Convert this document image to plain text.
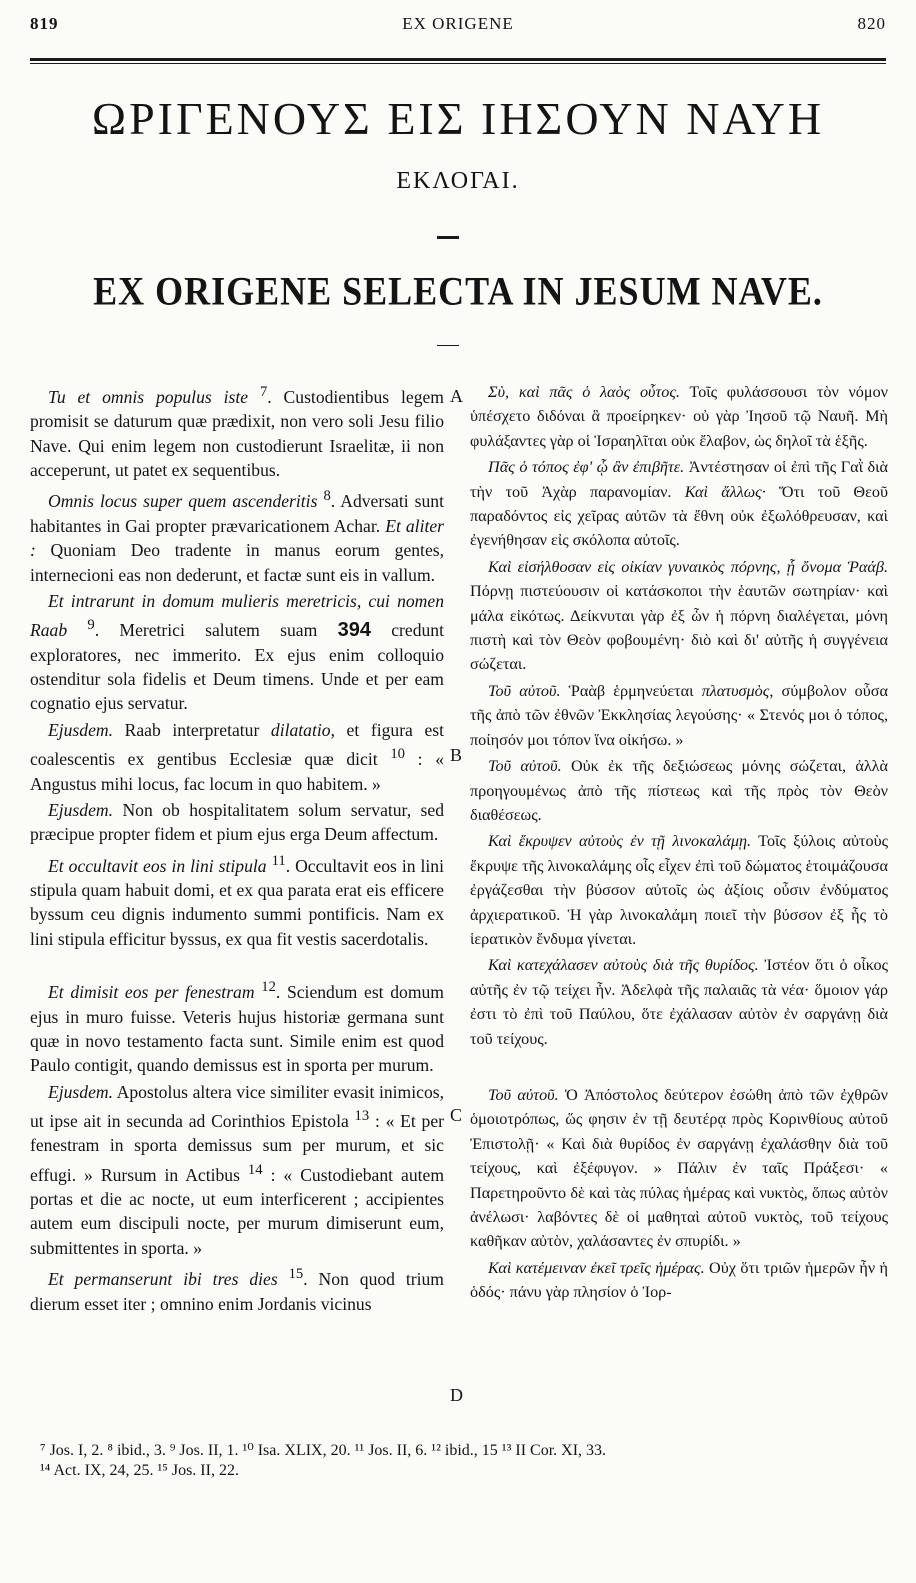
EX ORIGENE
819	820
ΩΡΙΓΕΝΟΥΣ ΕΙΣ ΙΗΣΟΥΝ ΝΑΥΗ
ΕΚΛΟΓΑΙ.
EX ORIGENE SELECTA IN JESUM NAVE.
A
B
C
D

Tu et omnis populus iste $^7$. Custodientibus legem promisit se daturum quæ prædixit, non vero soli Jesu filio Nave. Qui enim legem non custodierunt Israelitæ, ii non acceperunt, ut patet ex sequentibus.

Omnis locus super quem ascenderitis $^8$. Adversati sunt habitantes in Gai propter prævaricationem Achar. Et aliter : Quoniam Deo tradente in manus eorum gentes, internecioni eas non dederunt, et factæ sunt eis in vallum.

Et intrarunt in domum mulieris meretricis, cui nomen Raab $^9$. Meretrici salutem suam 394 credunt exploratores, nec immerito. Ex ejus enim colloquio ostenditur sola fidelis et Deum timens. Unde et per eam cognatio ejus servatur.

Ejusdem. Raab interpretatur dilatatio, et figura est coalescentis ex gentibus Ecclesiæ quæ dicit $^{10}$ : « Angustus mihi locus, fac locum in quo habitem. »

Ejusdem. Non ob hospitalitatem solum servatur, sed præcipue propter fidem et pium ejus erga Deum affectum.

Et occultavit eos in lini stipula $^{11}$. Occultavit eos in lini stipula quam habuit domi, et ex qua parata erat eis efficere byssum ceu dignis indumento summi pontificis. Nam ex lini stipula efficitur byssus, ex qua fit vestis sacerdotalis.

Et dimisit eos per fenestram $^{12}$. Sciendum est domum ejus in muro fuisse. Veteris hujus historiæ germana sunt quæ in novo testamento facta sunt. Simile enim est quod Paulo contigit, quando demissus est in sporta per murum.

Ejusdem. Apostolus altera vice similiter evasit inimicos, ut ipse ait in secunda ad Corinthios Epistola $^{13}$ : « Et per fenestram in sporta demissus sum per murum, et sic effugi. » Rursum in Actibus $^{14}$ : « Custodiebant autem portas et die ac nocte, ut eum interficerent ; accipientes autem eum discipuli nocte, per murum dimiserunt eum, submittentes in sporta. »

Et permanserunt ibi tres dies $^{15}$. Non quod trium dierum esset iter ; omnino enim Jordanis vicinus

Σὺ, καὶ πᾶς ὁ λαὸς οὗτος. Τοῖς φυλάσσουσι τὸν νόμον ὑπέσχετο διδόναι ἃ προείρηκεν· οὐ γὰρ Ἰησοῦ τῷ Ναυῆ. Μὴ φυλάξαντες γὰρ οἱ Ἰσραηλῖται οὐκ ἔλαβον, ὡς δηλοῖ τὰ ἑξῆς.

Πᾶς ὁ τόπος ἐφ' ᾧ ἂν ἐπιβῆτε. Ἀντέστησαν οἱ ἐπὶ τῆς Γαῒ διὰ τὴν τοῦ Ἀχὰρ παρανομίαν. Καὶ ἄλλως· Ὅτι τοῦ Θεοῦ παραδόντος εἰς χεῖρας αὐτῶν τὰ ἔθνη οὐκ ἐξωλόθρευσαν, καὶ ἐγενήθησαν εἰς σκόλοπα αὐτοῖς.

Καὶ εἰσήλθοσαν εἰς οἰκίαν γυναικὸς πόρνης, ᾗ ὄνομα Ῥαάβ. Πόρνῃ πιστεύουσιν οἱ κατάσκοποι τὴν ἑαυτῶν σωτηρίαν· καὶ μάλα εἰκότως. Δείκνυται γὰρ ἐξ ὧν ἡ πόρνη διαλέγεται, μόνη πιστὴ καὶ τὸν Θεὸν φοβουμένη· διὸ καὶ δι' αὐτῆς ἡ συγγένεια σώζεται.

Τοῦ αὐτοῦ. Ῥαὰβ ἑρμηνεύεται πλατυσμὸς, σύμβολον οὖσα τῆς ἀπὸ τῶν ἐθνῶν Ἐκκλησίας λεγούσης· « Στενός μοι ὁ τόπος, ποίησόν μοι τόπον ἵνα οἰκήσω. »

Τοῦ αὐτοῦ. Οὐκ ἐκ τῆς δεξιώσεως μόνης σώζεται, ἀλλὰ προηγουμένως ἀπὸ τῆς πίστεως καὶ τῆς πρὸς τὸν Θεὸν διαθέσεως.

Καὶ ἔκρυψεν αὐτοὺς ἐν τῇ λινοκαλάμῃ. Τοῖς ξύλοις αὐτοὺς ἔκρυψε τῆς λινοκαλάμης οἷς εἶχεν ἐπὶ τοῦ δώματος ἑτοιμάζουσα ἐργάζεσθαι τὴν βύσσον αὐτοῖς ὡς ἀξίοις οὖσιν ἐνδύματος ἀρχιερατικοῦ. Ἡ γὰρ λινοκαλάμη ποιεῖ τὴν βύσσον ἐξ ἧς τὸ ἱερατικὸν ἔνδυμα γίνεται.

Καὶ κατεχάλασεν αὐτοὺς διὰ τῆς θυρίδος. Ἰστέον ὅτι ὁ οἶκος αὐτῆς ἐν τῷ τείχει ἦν. Ἀδελφὰ τῆς παλαιᾶς τὰ νέα· ὅμοιον γάρ ἐστι τὸ ἐπὶ τοῦ Παύλου, ὅτε ἐχάλασαν αὐτὸν ἐν σαργάνῃ διὰ τοῦ τείχους.

Τοῦ αὐτοῦ. Ὁ Ἀπόστολος δεύτερον ἐσώθη ἀπὸ τῶν ἐχθρῶν ὁμοιοτρόπως, ὥς φησιν ἐν τῇ δευτέρᾳ πρὸς Κορινθίους αὐτοῦ Ἐπιστολῇ· « Καὶ διὰ θυρίδος ἐν σαργάνῃ ἐχαλάσθην διὰ τοῦ τείχους, καὶ ἐξέφυγον. » Πάλιν ἐν ταῖς Πράξεσι· « Παρετηροῦντο δὲ καὶ τὰς πύλας ἡμέρας καὶ νυκτὸς, ὅπως αὐτὸν ἀνέλωσι· λαβόντες δὲ οἱ μαθηταὶ αὐτοῦ νυκτὸς, τοῦ τείχους καθῆκαν αὐτὸν, χαλάσαντες ἐν σπυρίδι. »

Καὶ κατέμειναν ἐκεῖ τρεῖς ἡμέρας. Οὐχ ὅτι τριῶν ἡμερῶν ἦν ἡ ὁδός· πάνυ γὰρ πλησίον ὁ Ἰορ-

⁷ Jos. I, 2. ⁸ ibid., 3. ⁹ Jos. II, 1. ¹⁰ Isa. XLIX, 20. ¹¹ Jos. II, 6. ¹² ibid., 15 ¹³ II Cor. XI, 33.
¹⁴ Act. IX, 24, 25. ¹⁵ Jos. II, 22.
